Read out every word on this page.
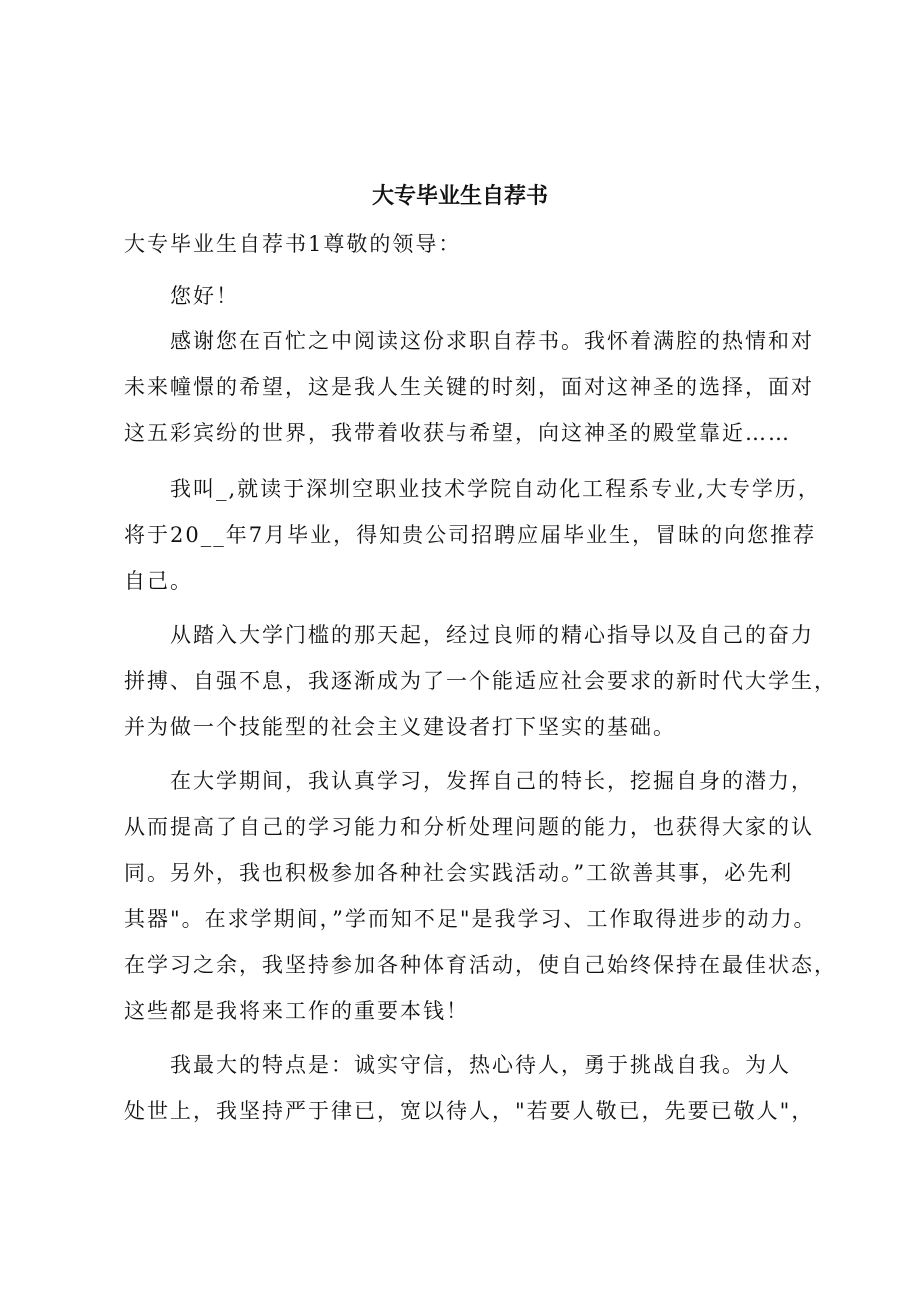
大专毕业生自荐书
大专毕业生自荐书1尊敬的领导：
您好！
感谢您在百忙之中阅读这份求职自荐书。我怀着满腔的热情和对
未来幢憬的希望，这是我人生关键的时刻，面对这神圣的选择，面对
这五彩宾纷的世界，我带着收获与希望，向这神圣的殿堂靠近……
我叫_,就读于深圳空职业技术学院自动化工程系专业,大专学历，
将于20__年7月毕业，得知贵公司招聘应届毕业生，冒昧的向您推荐
自己。
从踏入大学门槛的那天起，经过良师的精心指导以及自己的奋力
拼搏、自强不息，我逐渐成为了一个能适应社会要求的新时代大学生，
并为做一个技能型的社会主义建设者打下坚实的基础。
在大学期间，我认真学习，发挥自己的特长，挖掘自身的潜力，
从而提高了自己的学习能力和分析处理问题的能力，也获得大家的认
同。另外，我也积极参加各种社会实践活动。”工欲善其事，必先利
其器"。在求学期间，”学而知不足"是我学习、工作取得进步的动力。
在学习之余，我坚持参加各种体育活动，使自己始终保持在最佳状态，
这些都是我将来工作的重要本钱！
我最大的特点是：诚实守信，热心待人，勇于挑战自我。为人
处世上，我坚持严于律已，宽以待人，"若要人敬已，先要已敬人"，
